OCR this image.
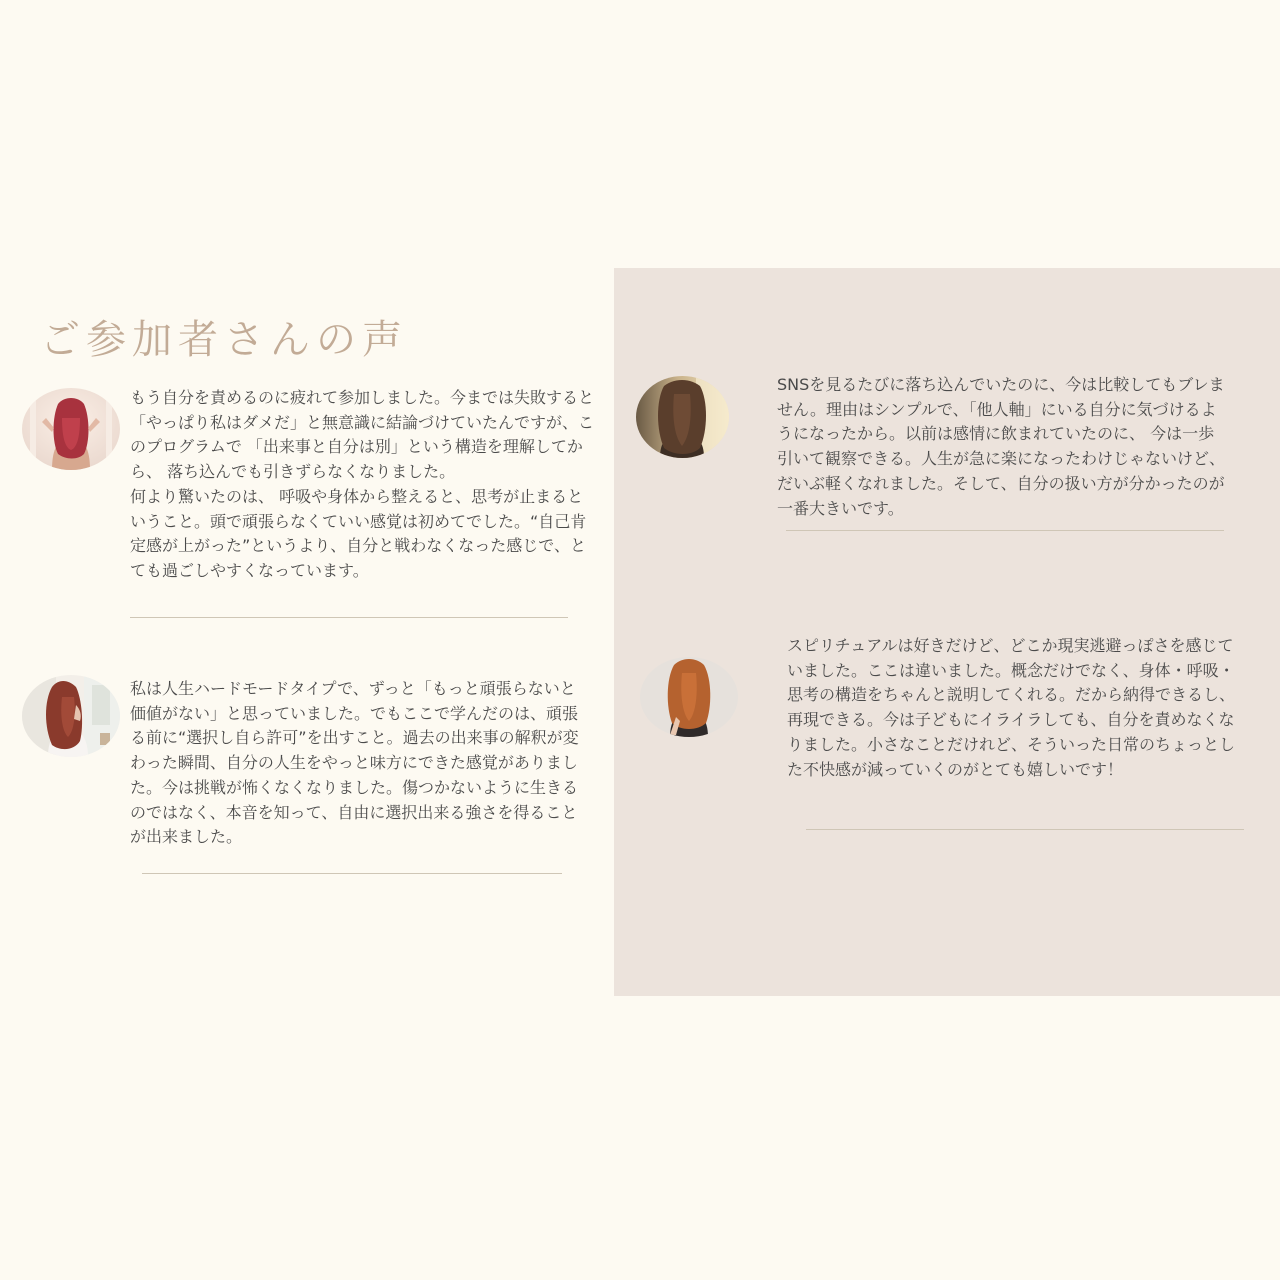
ご参加者さんの声

もう自分を責めるのに疲れて参加しました。今までは失敗すると「やっぱり私はダメだ」と無意識に結論づけていたんですが、このプログラムで 「出来事と自分は別」という構造を理解してから、 落ち込んでも引きずらなくなりました。
何より驚いたのは、 呼吸や身体から整えると、思考が止まるということ。頭で頑張らなくていい感覚は初めてでした。“自己肯定感が上がった”というより、自分と戦わなくなった感じで、とても過ごしやすくなっています。

私は人生ハードモードタイプで、ずっと「もっと頑張らないと価値がない」と思っていました。でもここで学んだのは、頑張る前に“選択し自ら許可”を出すこと。過去の出来事の解釈が変わった瞬間、自分の人生をやっと味方にできた感覚がありました。今は挑戦が怖くなくなりました。傷つかないように生きるのではなく、本音を知って、自由に選択出来る強さを得ることが出来ました。

SNSを見るたびに落ち込んでいたのに、今は比較してもブレません。理由はシンプルで、「他人軸」にいる自分に気づけるようになったから。以前は感情に飲まれていたのに、 今は一歩引いて観察できる。人生が急に楽になったわけじゃないけど、だいぶ軽くなれました。そして、自分の扱い方が分かったのが一番大きいです。

スピリチュアルは好きだけど、どこか現実逃避っぽさを感じていました。ここは違いました。概念だけでなく、身体・呼吸・思考の構造をちゃんと説明してくれる。だから納得できるし、再現できる。今は子どもにイライラしても、自分を責めなくなりました。小さなことだけれど、そういった日常のちょっとした不快感が減っていくのがとても嬉しいです！
